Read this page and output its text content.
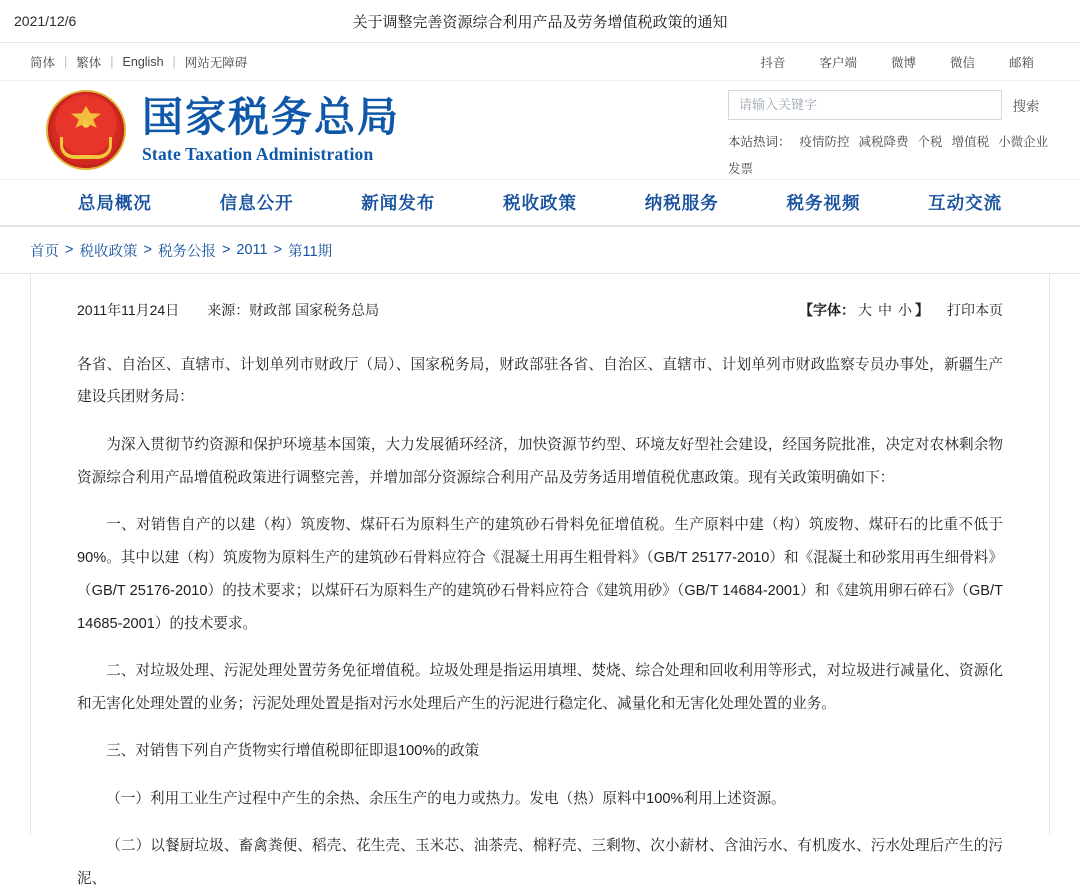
2021/12/6	关于调整完善资源综合利用产品及劳务增值税政策的通知
简体 | 繁体 | English | 网站无障碍	抖音	客户端	微博	微信	邮箱
国家税务总局
State Taxation Administration
请输入关键字
搜索
本站热词： 疫情防控 减税降费 个税 增值税 小微企业
发票
总局概况	信息公开	新闻发布	税收政策	纳税服务	税务视频	互动交流
首页 > 税收政策 > 税务公报 > 2011 > 第11期
2011年11月24日 来源：财政部 国家税务总局	【字体： 大 中 小 】 打印本页

各省、自治区、直辖市、计划单列市财政厅（局）、国家税务局，财政部驻各省、自治区、直辖市、计划单列市财政监察专员办事处，新疆生产建设兵团财务局：

为深入贯彻节约资源和保护环境基本国策，大力发展循环经济，加快资源节约型、环境友好型社会建设，经国务院批准，决定对农林剩余物资源综合利用产品增值税政策进行调整完善，并增加部分资源综合利用产品及劳务适用增值税优惠政策。现有关政策明确如下：

一、对销售自产的以建（构）筑废物、煤矸石为原料生产的建筑砂石骨料免征增值税。生产原料中建（构）筑废物、煤矸石的比重不低于90%。其中以建（构）筑废物为原料生产的建筑砂石骨料应符合《混凝土用再生粗骨料》（GB/T 25177-2010）和《混凝土和砂浆用再生细骨料》（GB/T 25176-2010）的技术要求；以煤矸石为原料生产的建筑砂石骨料应符合《建筑用砂》（GB/T 14684-2001）和《建筑用卵石碎石》（GB/T 14685-2001）的技术要求。

二、对垃圾处理、污泥处理处置劳务免征增值税。垃圾处理是指运用填埋、焚烧、综合处理和回收利用等形式，对垃圾进行减量化、资源化和无害化处理处置的业务；污泥处理处置是指对污水处理后产生的污泥进行稳定化、减量化和无害化处理处置的业务。

三、对销售下列自产货物实行增值税即征即退100%的政策

（一）利用工业生产过程中产生的余热、余压生产的电力或热力。发电（热）原料中100%利用上述资源。

（二）以餐厨垃圾、畜禽粪便、稻壳、花生壳、玉米芯、油茶壳、棉籽壳、三剩物、次小薪材、含油污水、有机废水、污水处理后产生的污泥、
